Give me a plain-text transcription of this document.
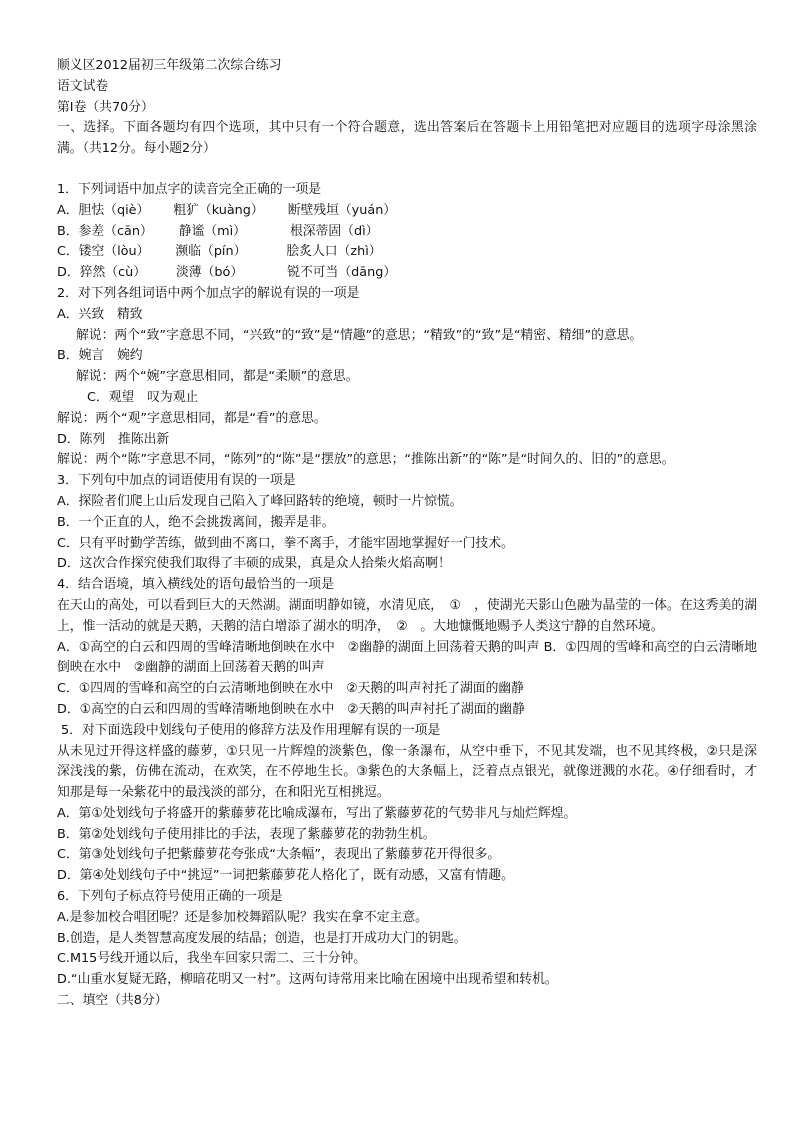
顺义区2012届初三年级第二次综合练习
语文试卷
第Ⅰ卷（共70分）
一、选择。下面各题均有四个选项，其中只有一个符合题意，选出答案后在答题卡上用铅笔把对应题目的选项字母涂黑涂满。（共12分。每小题2分）
1．下列词语中加点字的读音完全正确的一项是
A．胆怯（qiè） 粗犷（kuàng） 断壁残垣（yuán）
B．参差（cān） 静谧（mì）	根深蒂固（dì）
C．镂空（lòu） 濒临（pín）	脍炙人口（zhì）
D．猝然（cù） 淡薄（bó）	锐不可当（dāng）
2．对下列各组词语中两个加点字的解说有误的一项是
A．兴致　精致
解说：两个“致”字意思不同，“兴致”的“致”是“情趣”的意思；“精致”的“致”是“精密、精细”的意思。
B．婉言　婉约
解说：两个“婉”字意思相同，都是“柔顺”的意思。
C．观望　叹为观止
解说：两个“观”字意思相同，都是“看”的意思。
D．陈列　推陈出新
解说：两个“陈”字意思不同，“陈列”的“陈”是“摆放”的意思；“推陈出新”的“陈”是“时间久的、旧的”的意思。
3．下列句中加点的词语使用有误的一项是
A．探险者们爬上山后发现自己陷入了峰回路转的绝境，顿时一片惊慌。
B．一个正直的人，绝不会挑拨离间，搬弄是非。
C．只有平时勤学苦练，做到曲不离口，拳不离手，才能牢固地掌握好一门技术。
D．这次合作探究使我们取得了丰硕的成果，真是众人拾柴火焰高啊！
4．结合语境，填入横线处的语句最恰当的一项是
在天山的高处，可以看到巨大的天然湖。湖面明静如镜，水清见底，　①　，使湖光天影山色融为晶莹的一体。在这秀美的湖上，惟一活动的就是天鹅，天鹅的洁白增添了湖水的明净，　②　。大地慷慨地赐予人类这宁静的自然环境。
A．①高空的白云和四周的雪峰清晰地倒映在水中　②幽静的湖面上回荡着天鹅的叫声 B．①四周的雪峰和高空的白云清晰地倒映在水中　②幽静的湖面上回荡着天鹅的叫声
C．①四周的雪峰和高空的白云清晰地倒映在水中　②天鹅的叫声衬托了湖面的幽静
D．①高空的白云和四周的雪峰清晰地倒映在水中　②天鹅的叫声衬托了湖面的幽静
5．对下面选段中划线句子使用的修辞方法及作用理解有误的一项是
从未见过开得这样盛的藤萝，①只见一片辉煌的淡紫色，像一条瀑布，从空中垂下，不见其发端，也不见其终极，②只是深深浅浅的紫，仿佛在流动，在欢笑，在不停地生长。③紫色的大条幅上，泛着点点银光，就像迸溅的水花。④仔细看时，才知那是每一朵紫花中的最浅淡的部分，在和阳光互相挑逗。
A．第①处划线句子将盛开的紫藤萝花比喻成瀑布，写出了紫藤萝花的气势非凡与灿烂辉煌。
B．第②处划线句子使用排比的手法，表现了紫藤萝花的勃勃生机。
C．第③处划线句子把紫藤萝花夸张成“大条幅”，表现出了紫藤萝花开得很多。
D．第④处划线句子中“挑逗”一词把紫藤萝花人格化了，既有动感，又富有情趣。
6．下列句子标点符号使用正确的一项是
A.是参加校合唱团呢？还是参加校舞蹈队呢？我实在拿不定主意。
B.创造，是人类智慧高度发展的结晶；创造，也是打开成功大门的钥匙。
C.M15号线开通以后，我坐车回家只需二、三十分钟。
D.“山重水复疑无路，柳暗花明又一村”。这两句诗常用来比喻在困境中出现希望和转机。
二、填空（共8分）
